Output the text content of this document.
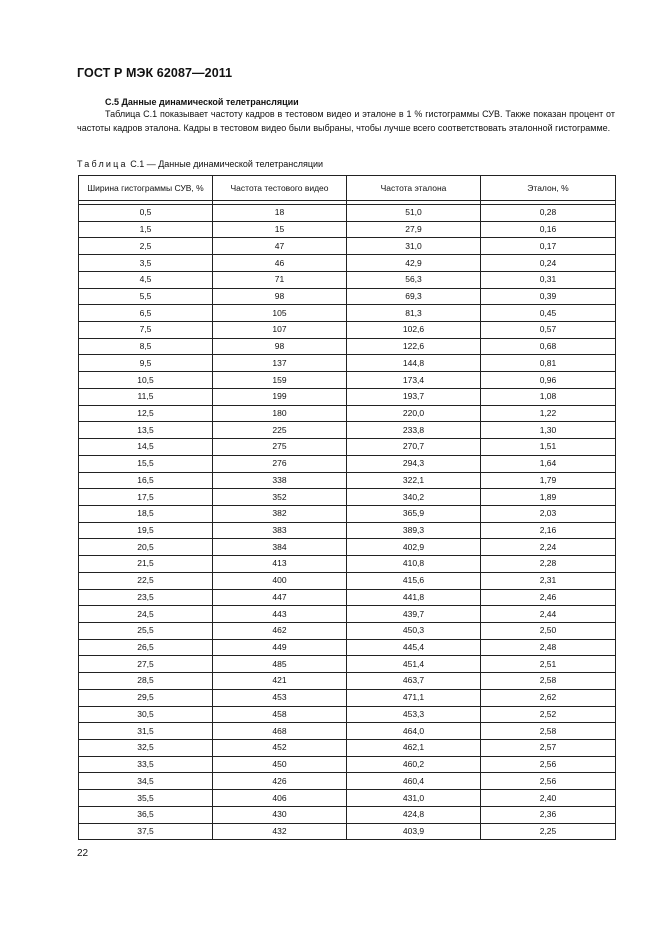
ГОСТ Р МЭК 62087—2011
С.5 Данные динамической телетрансляции
Таблица С.1 показывает частоту кадров в тестовом видео и эталоне в 1 % гистограммы СУВ. Также показан процент от частоты кадров эталона. Кадры в тестовом видео были выбраны, чтобы лучше всего соответствовать эталонной гистограмме.
Таблица С.1 — Данные динамической телетрансляции
Ширина гистограммы СУВ, %	Частота тестового видео	Частота эталона	Эталон, %

0,5	18	51,0	0,28
1,5	15	27,9	0,16
2,5	47	31,0	0,17
3,5	46	42,9	0,24
4,5	71	56,3	0,31
5,5	98	69,3	0,39
6,5	105	81,3	0,45
7,5	107	102,6	0,57
8,5	98	122,6	0,68
9,5	137	144,8	0,81
10,5	159	173,4	0,96
11,5	199	193,7	1,08
12,5	180	220,0	1,22
13,5	225	233,8	1,30
14,5	275	270,7	1,51
15,5	276	294,3	1,64
16,5	338	322,1	1,79
17,5	352	340,2	1,89
18,5	382	365,9	2,03
19,5	383	389,3	2,16
20,5	384	402,9	2,24
21,5	413	410,8	2,28
22,5	400	415,6	2,31
23,5	447	441,8	2,46
24,5	443	439,7	2,44
25,5	462	450,3	2,50
26,5	449	445,4	2,48
27,5	485	451,4	2,51
28,5	421	463,7	2,58
29,5	453	471,1	2,62
30,5	458	453,3	2,52
31,5	468	464,0	2,58
32,5	452	462,1	2,57
33,5	450	460,2	2,56
34,5	426	460,4	2,56
35,5	406	431,0	2,40
36,5	430	424,8	2,36
37,5	432	403,9	2,25
22
